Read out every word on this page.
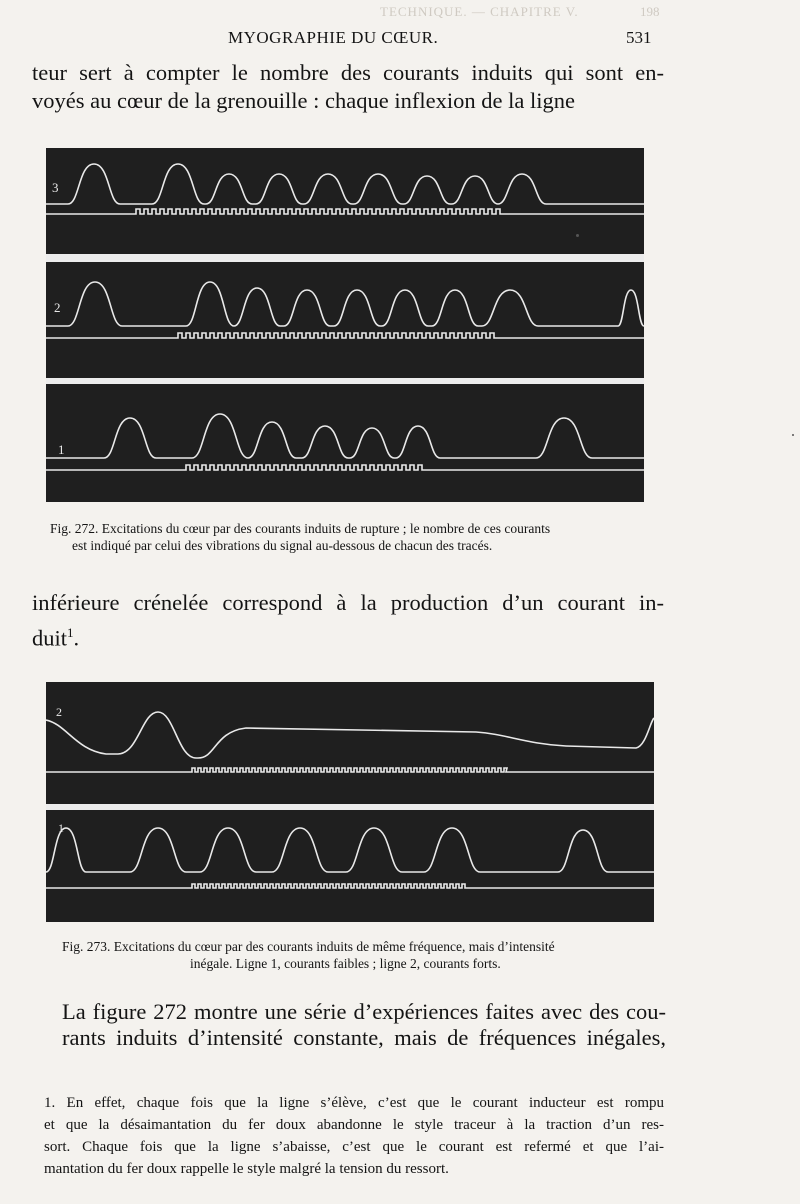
TECHNIQUE. — CHAPITRE V.	198
MYOGRAPHIE DU CŒUR.	531
teur sert à compter le nombre des courants induits qui sont en-
voyés au cœur de la grenouille : chaque inflexion de la ligne
3
2
1
Fig. 272. Excitations du cœur par des courants induits de rupture ; le nombre de ces courants
est indiqué par celui des vibrations du signal au-dessous de chacun des tracés.
inférieure crénelée correspond à la production d’un courant in-
duit$^1$.
2
1
Fig. 273. Excitations du cœur par des courants induits de même fréquence, mais d’intensité
inégale. Ligne 1, courants faibles ; ligne 2, courants forts.
La figure 272 montre une série d’expériences faites avec des cou-
rants induits d’intensité constante, mais de fréquences inégales,
1. En effet, chaque fois que la ligne s’élève, c’est que le courant inducteur est rompu
et que la désaimantation du fer doux abandonne le style traceur à la traction d’un res-
sort. Chaque fois que la ligne s’abaisse, c’est que le courant est refermé et que l’ai-
mantation du fer doux rappelle le style malgré la tension du ressort.
